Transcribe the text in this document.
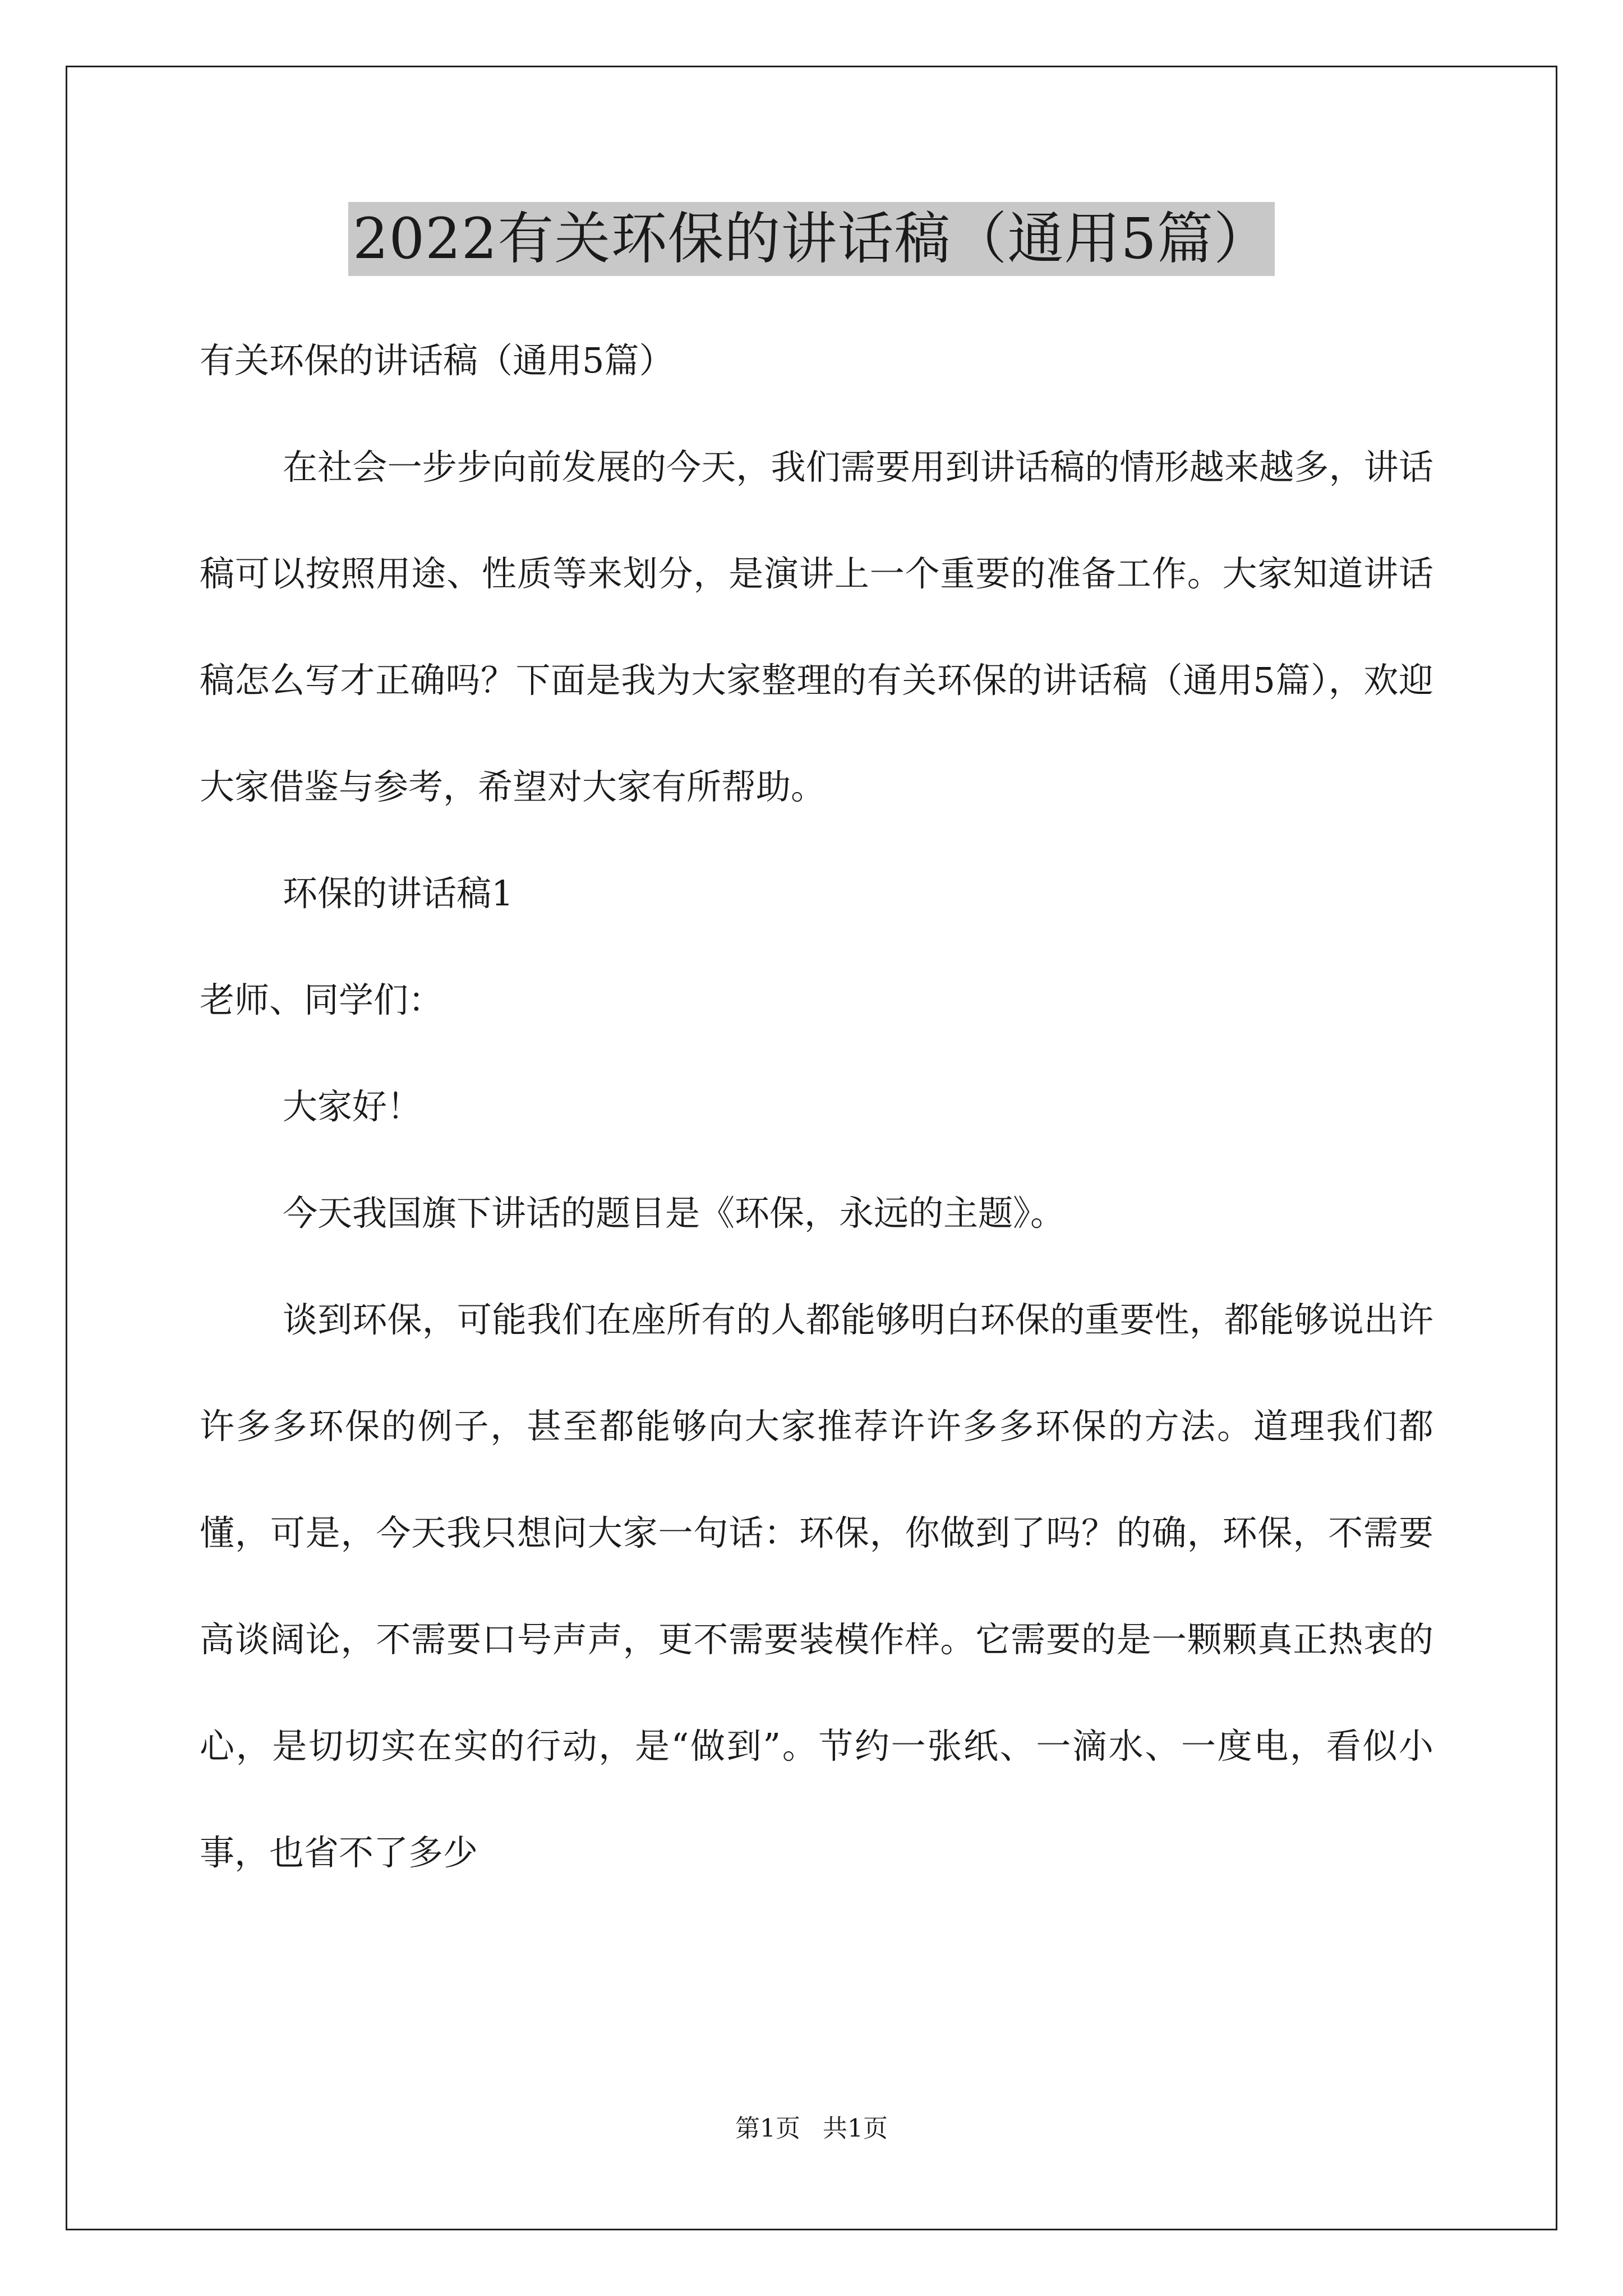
2022有关环保的讲话稿（通用5篇）

有关环保的讲话稿（通用5篇）

在社会一步步向前发展的今天，我们需要用到讲话稿的情形越来越多，讲话稿可以按照用途、性质等来划分，是演讲上一个重要的准备工作。大家知道讲话稿怎么写才正确吗？下面是我为大家整理的有关环保的讲话稿（通用5篇），欢迎大家借鉴与参考，希望对大家有所帮助。

环保的讲话稿1

老师、同学们：

大家好！

今天我国旗下讲话的题目是《环保，永远的主题》。

谈到环保，可能我们在座所有的人都能够明白环保的重要性，都能够说出许许多多环保的例子，甚至都能够向大家推荐许许多多环保的方法。道理我们都懂，可是，今天我只想问大家一句话：环保，你做到了吗？的确，环保，不需要高谈阔论，不需要口号声声，更不需要装模作样。它需要的是一颗颗真正热衷的心，是切切实在实的行动，是“做到”。节约一张纸、一滴水、一度电，看似小事，也省不了多少

第1页 共1页
